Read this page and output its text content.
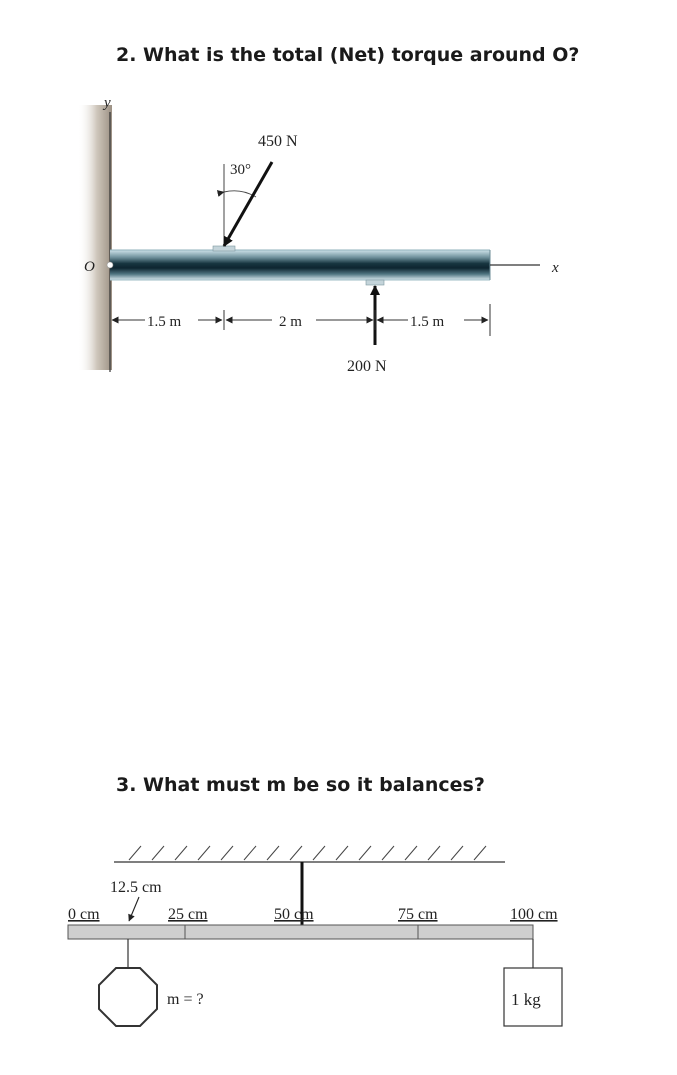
2. What is the total (Net) torque around O?
y
O	x
30°
450 N
200 N
1.5 m	2 m	1.5 m
0 cm
12.5 cm
25 cm	50 cm	75 cm	100 cm
m = ?	1 kg
3. What must m be so it balances?
